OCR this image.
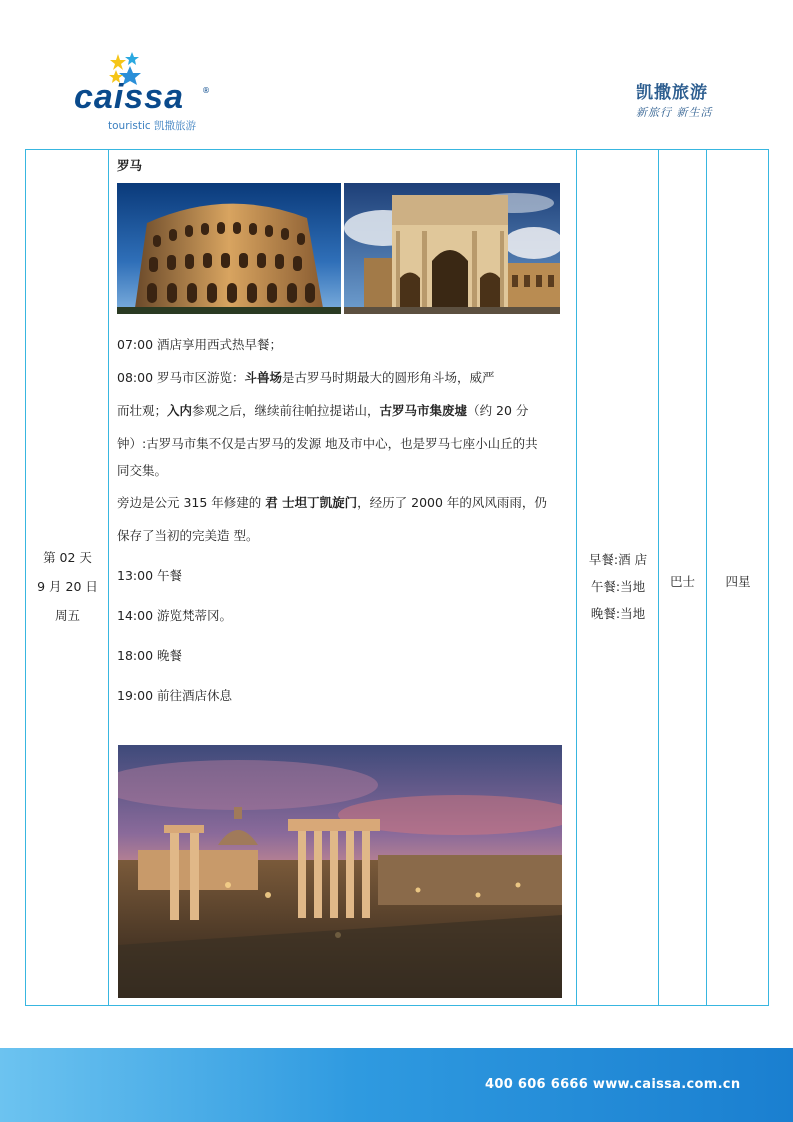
caissa ®
touristic 凯撒旅游
凯撒旅游
新旅行 新生活
第 02 天
9 月 20 日
周五
罗马

07:00 酒店享用西式热早餐；

08:00 罗马市区游览：斗兽场是古罗马时期最大的圆形角斗场，威严

而壮观；入内参观之后，继续前往帕拉提诺山，古罗马市集废墟（约 20 分

钟）:古罗马市集不仅是古罗马的发源 地及市中心，也是罗马七座小山丘的共

同交集。

旁边是公元 315 年修建的 君 士坦丁凯旋门，经历了 2000 年的风风雨雨，仍

保存了当初的完美造 型。

13:00 午餐

14:00 游览梵蒂冈。

18:00 晚餐

19:00 前往酒店休息

早餐:酒 店
午餐:当地
晚餐:当地
巴士	四星
400 606 6666 www.caissa.com.cn
